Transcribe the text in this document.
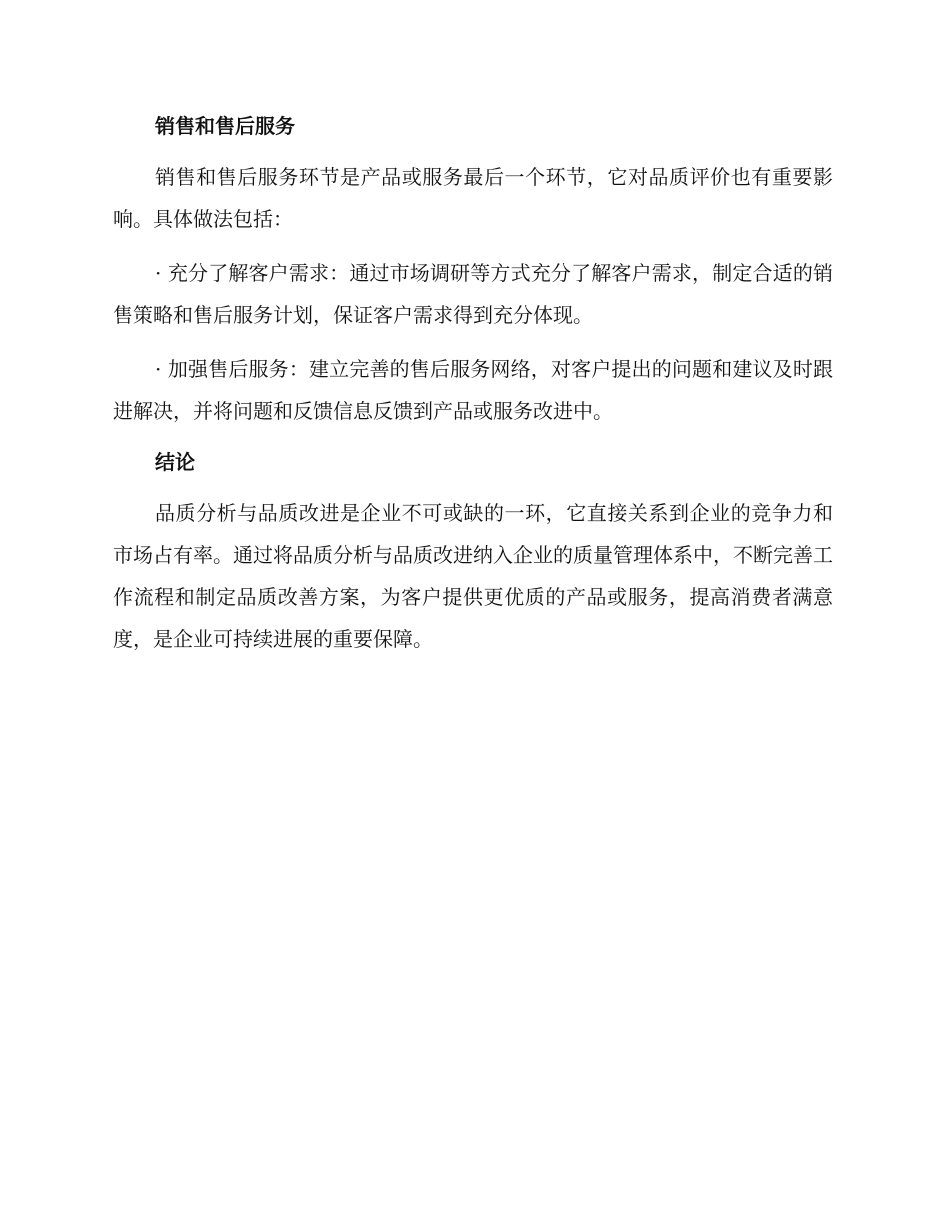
销售和售后服务

销售和售后服务环节是产品或服务最后一个环节，它对品质评价也有重要影响。具体做法包括：

· 充分了解客户需求：通过市场调研等方式充分了解客户需求，制定合适的销售策略和售后服务计划，保证客户需求得到充分体现。

· 加强售后服务：建立完善的售后服务网络，对客户提出的问题和建议及时跟进解决，并将问题和反馈信息反馈到产品或服务改进中。

结论

品质分析与品质改进是企业不可或缺的一环，它直接关系到企业的竞争力和市场占有率。通过将品质分析与品质改进纳入企业的质量管理体系中，不断完善工作流程和制定品质改善方案，为客户提供更优质的产品或服务，提高消费者满意度，是企业可持续进展的重要保障。
